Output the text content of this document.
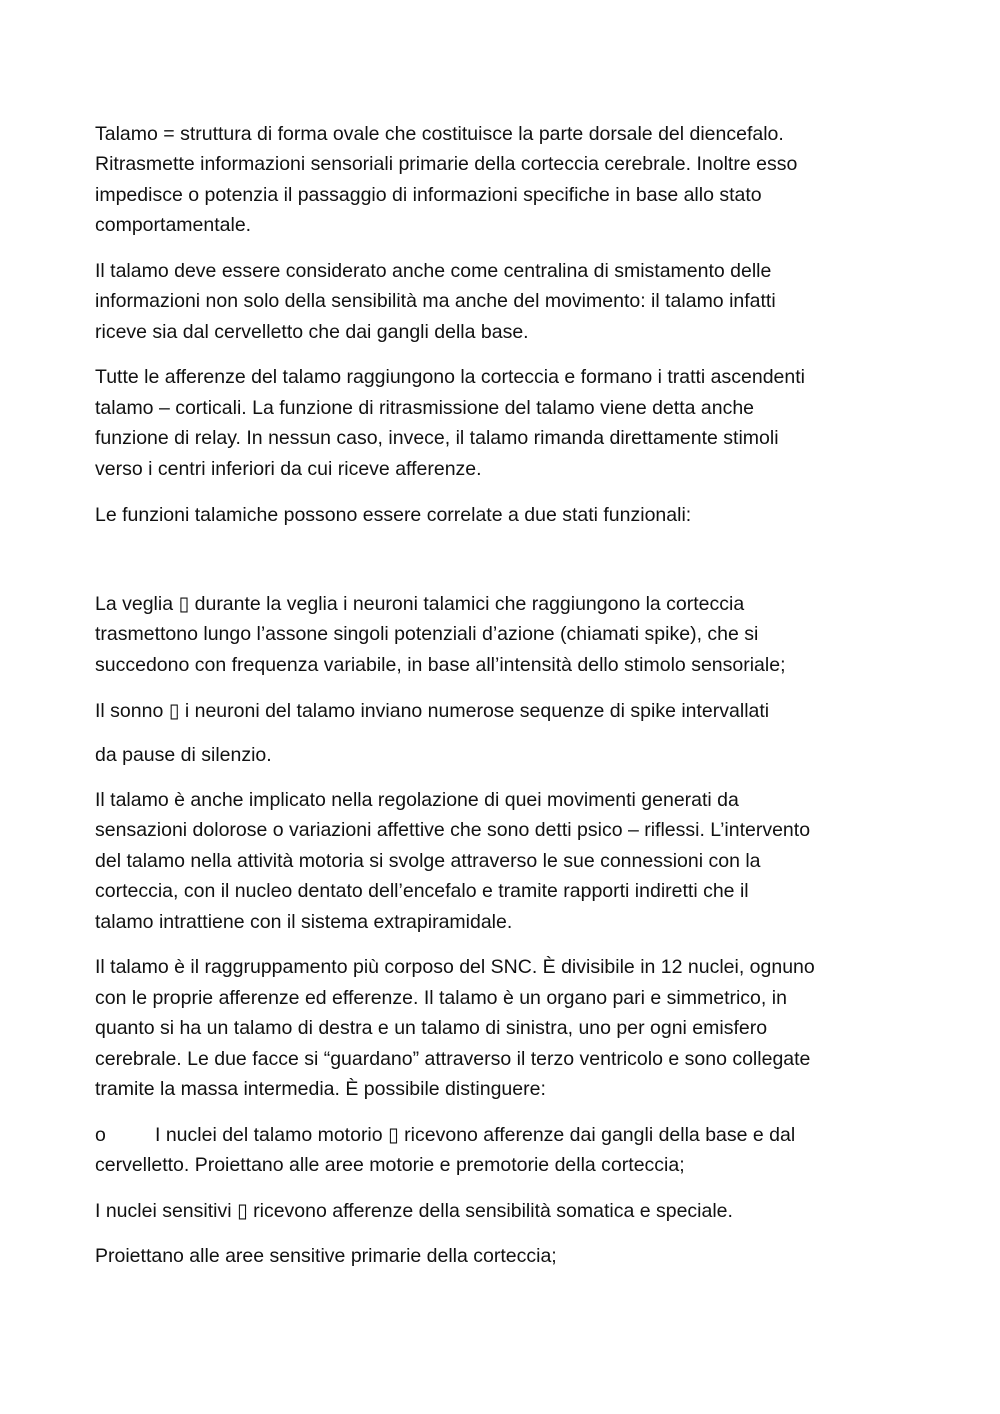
Talamo = struttura di forma ovale che costituisce la parte dorsale del diencefalo.
Ritrasmette informazioni sensoriali primarie della corteccia cerebrale. Inoltre esso
impedisce o potenzia il passaggio di informazioni specifiche in base allo stato
comportamentale.
Il talamo deve essere considerato anche come centralina di smistamento delle
informazioni non solo della sensibilità ma anche del movimento: il talamo infatti
riceve sia dal cervelletto che dai gangli della base.
Tutte le afferenze del talamo raggiungono la corteccia e formano i tratti ascendenti
talamo – corticali. La funzione di ritrasmissione del talamo viene detta anche
funzione di relay. In nessun caso, invece, il talamo rimanda direttamente stimoli
verso i centri inferiori da cui riceve afferenze.
Le funzioni talamiche possono essere correlate a due stati funzionali:
La veglia ▯ durante la veglia i neuroni talamici che raggiungono la corteccia
trasmettono lungo l’assone singoli potenziali d’azione (chiamati spike), che si
succedono con frequenza variabile, in base all’intensità dello stimolo sensoriale;
Il sonno ▯ i neuroni del talamo inviano numerose sequenze di spike intervallati
da pause di silenzio.
Il talamo è anche implicato nella regolazione di quei movimenti generati da
sensazioni dolorose o variazioni affettive che sono detti psico – riflessi. L’intervento
del talamo nella attività motoria si svolge attraverso le sue connessioni con la
corteccia, con il nucleo dentato dell’encefalo e tramite rapporti indiretti che il
talamo intrattiene con il sistema extrapiramidale.
Il talamo è il raggruppamento più corposo del SNC. È divisibile in 12 nuclei, ognuno
con le proprie afferenze ed efferenze. Il talamo è un organo pari e simmetrico, in
quanto si ha un talamo di destra e un talamo di sinistra, uno per ogni emisfero
cerebrale. Le due facce si “guardano” attraverso il terzo ventricolo e sono collegate
tramite la massa intermedia. È possibile distinguere:
o	I nuclei del talamo motorio ▯ ricevono afferenze dai gangli della base e dal
cervelletto. Proiettano alle aree motorie e premotorie della corteccia;
I nuclei sensitivi ▯ ricevono afferenze della sensibilità somatica e speciale.
Proiettano alle aree sensitive primarie della corteccia;
